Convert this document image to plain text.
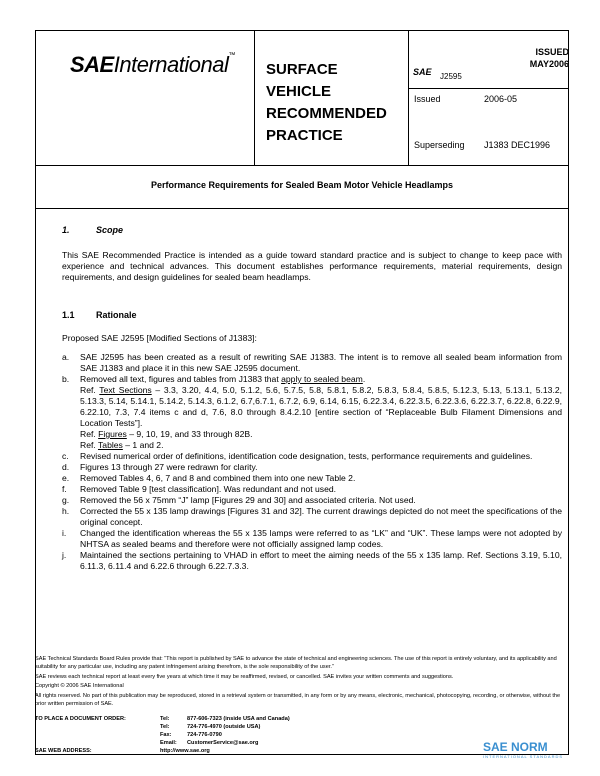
SAEInternational™
SURFACE
VEHICLE
RECOMMENDED
PRACTICE
SAE J2595
ISSUED
MAY2006
Issued	2006-05
Superseding J1383 DEC1996
Performance Requirements for Sealed Beam Motor Vehicle Headlamps
1.	Scope
This SAE Recommended Practice is intended as a guide toward standard practice and is subject to change to keep pace with experience and technical advances. This document establishes performance requirements, material requirements, design requirements, and design guidelines for sealed beam headlamps.
1.1 Rationale
Proposed SAE J2595 [Modified Sections of J1383]:
a.	SAE J2595 has been created as a result of rewriting SAE J1383. The intent is to remove all sealed beam information from SAE J1383 and place it in this new SAE J2595 document.
b.	Removed all text, figures and tables from J1383 that apply to sealed beam.
Ref. Text Sections – 3.3, 3.20, 4.4, 5.0, 5.1.2, 5.6, 5.7.5, 5.8, 5.8.1, 5.8.2, 5.8.3, 5.8.4, 5.8.5, 5.12.3, 5.13, 5.13.1, 5.13.2, 5.13.3, 5.14, 5.14.1, 5.14.2, 5.14.3, 6.1.2, 6.7,6.7.1, 6.7.2, 6.9, 6.14, 6.15, 6.22.3.4, 6.22.3.5, 6.22.3.6, 6.22.3.7, 6.22.8, 6.22.9, 6.22.10, 7.3, 7.4 items c and d, 7.6, 8.0 through 8.4.2.10 [entire section of “Replaceable Bulb Filament Dimensions and Location Tests”].
Ref. Figures – 9, 10, 19, and 33 through 82B.
Ref. Tables – 1 and 2.
c.	Revised numerical order of definitions, identification code designation, tests, performance requirements and guidelines.
d.	Figures 13 through 27 were redrawn for clarity.
e.	Removed Tables 4, 6, 7 and 8 and combined them into one new Table 2.
f.	Removed Table 9 [test classification]. Was redundant and not used.
g.	Removed the 56 x 75mm “J” lamp [Figures 29 and 30] and associated criteria. Not used.
h.	Corrected the 55 x 135 lamp drawings [Figures 31 and 32]. The current drawings depicted do not meet the specifications of the original concept.
i.	Changed the identification whereas the 55 x 135 lamps were referred to as “LK” and “UK”. These lamps were not adopted by NHTSA as sealed beams and therefore were not officially assigned lamp codes.
j.	Maintained the sections pertaining to VHAD in effort to meet the aiming needs of the 55 x 135 lamp. Ref. Sections 3.19, 5.10, 6.11.3, 6.11.4 and 6.22.6 through 6.22.7.3.3.

SAE Technical Standards Board Rules provide that: “This report is published by SAE to advance the state of technical and engineering sciences. The use of this report is entirely voluntary, and its applicability and suitability for any particular use, including any patent infringement arising therefrom, is the sole responsibility of the user.”

SAE reviews each technical report at least every five years at which time it may be reaffirmed, revised, or cancelled. SAE invites your written comments and suggestions.

Copyright © 2006 SAE International

All rights reserved. No part of this publication may be reproduced, stored in a retrieval system or transmitted, in any form or by any means, electronic, mechanical, photocopying, recording, or otherwise, without the prior written permission of SAE.

TO PLACE A DOCUMENT ORDER:	Tel:	877-606-7323 (inside USA and Canada)
Tel:	724-776-4970 (outside USA)
Fax:	724-776-0790
Email: CustomerService@sae.org
SAE WEB ADDRESS:	http://www.sae.org	SAE NORM
INTERNATIONAL STANDARDS
